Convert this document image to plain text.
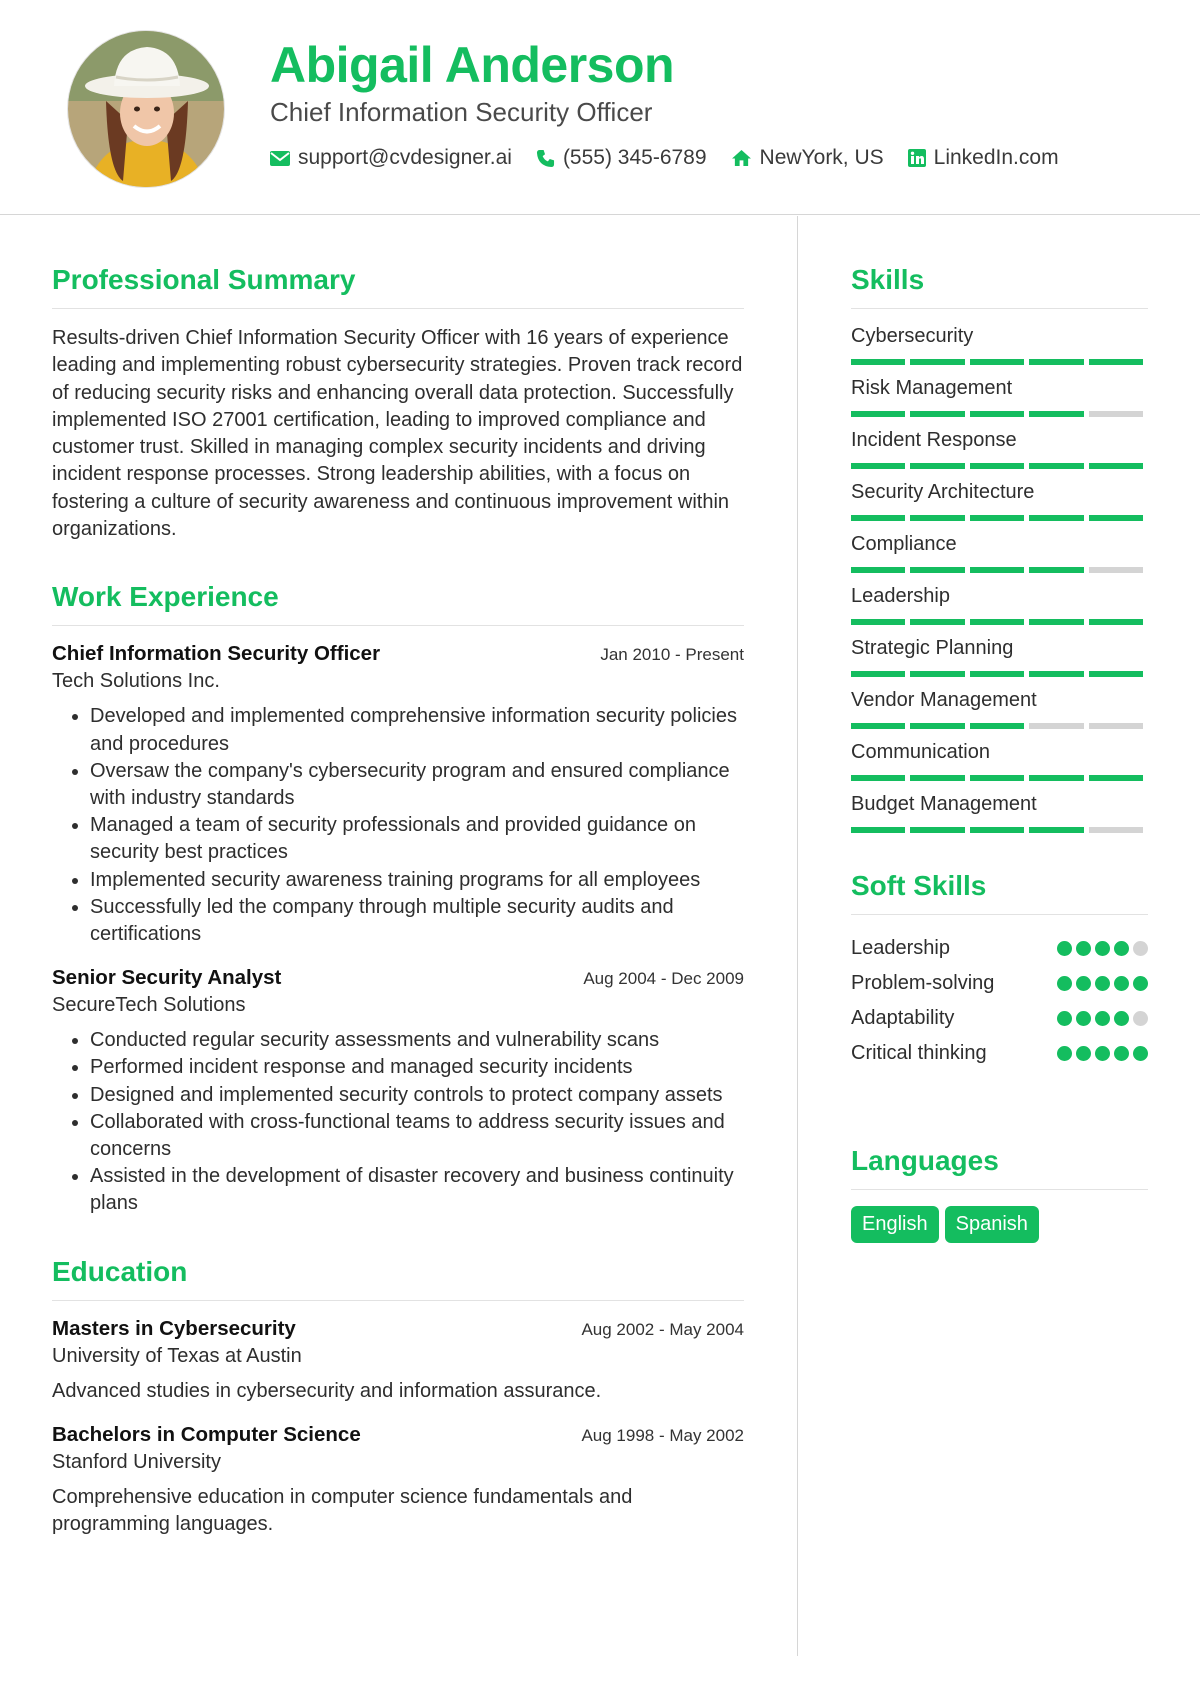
Abigail Anderson
Chief Information Security Officer
support@cvdesigner.ai (555) 345-6789	NewYork, US LinkedIn.com
Professional Summary

Results-driven Chief Information Security Officer with 16 years of experience leading and implementing robust cybersecurity strategies. Proven track record of reducing security risks and enhancing overall data protection. Successfully implemented ISO 27001 certification, leading to improved compliance and customer trust. Skilled in managing complex security incidents and driving incident response processes. Strong leadership abilities, with a focus on fostering a culture of security awareness and continuous improvement within organizations.

Work Experience
Chief Information Security Officer	Jan 2010 - Present
Tech Solutions Inc.
• Developed and implemented comprehensive information security policies and procedures
• Oversaw the company's cybersecurity program and ensured compliance with industry standards
• Managed a team of security professionals and provided guidance on security best practices
• Implemented security awareness training programs for all employees
• Successfully led the company through multiple security audits and certifications
Senior Security Analyst	Aug 2004 - Dec 2009
SecureTech Solutions
• Conducted regular security assessments and vulnerability scans
• Performed incident response and managed security incidents
• Designed and implemented security controls to protect company assets
• Collaborated with cross-functional teams to address security issues and concerns
• Assisted in the development of disaster recovery and business continuity plans
Education
Masters in Cybersecurity	Aug 2002 - May 2004
University of Texas at Austin
Advanced studies in cybersecurity and information assurance.
Bachelors in Computer Science	Aug 1998 - May 2002
Stanford University
Comprehensive education in computer science fundamentals and programming languages.
Skills
Cybersecurity
Risk Management
Incident Response
Security Architecture
Compliance
Leadership
Strategic Planning
Vendor Management
Communication
Budget Management
Soft Skills
Leadership
Problem-solving
Adaptability
Critical thinking
Languages
English	Spanish
